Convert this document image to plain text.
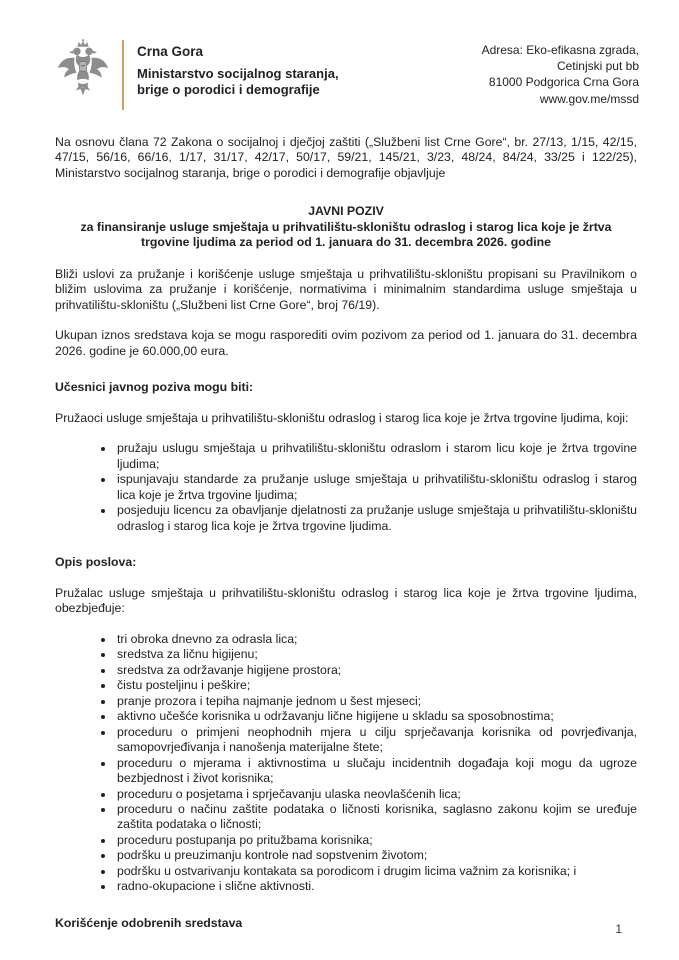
Crna Gora
Ministarstvo socijalnog staranja,
brige o porodici i demografije
Adresa: Eko-efikasna zgrada,
Cetinjski put bb
81000 Podgorica Crna Gora
www.gov.me/mssd

Na osnovu člana 72 Zakona o socijalnoj i dječjoj zaštiti („Službeni list Crne Gore“, br. 27/13, 1/15, 42/15, 47/15, 56/16, 66/16, 1/17, 31/17, 42/17, 50/17, 59/21, 145/21, 3/23, 48/24, 84/24, 33/25 i 122/25), Ministarstvo socijalnog staranja, brige o porodici i demografije objavljuje

JAVNI POZIV
za finansiranje usluge smještaja u prihvatilištu-skloništu odraslog i starog lica koje je žrtva trgovine ljudima za period od 1. januara do 31. decembra 2026. godine

Bliži uslovi za pružanje i korišćenje usluge smještaja u prihvatilištu-skloništu propisani su Pravilnikom o bližim uslovima za pružanje i korišćenje, normativima i minimalnim standardima usluge smještaja u prihvatilištu-skloništu („Službeni list Crne Gore“, broj 76/19).

Ukupan iznos sredstava koja se mogu rasporediti ovim pozivom za period od 1. januara do 31. decembra 2026. godine je 60.000,00 eura.

Učesnici javnog poziva mogu biti:

Pružaoci usluge smještaja u prihvatilištu-skloništu odraslog i starog lica koje je žrtva trgovine ljudima, koji:

• pružaju uslugu smještaja u prihvatilištu-skloništu odraslom i starom licu koje je žrtva trgovine ljudima;
• ispunjavaju standarde za pružanje usluge smještaja u prihvatilištu-skloništu odraslog i starog lica koje je žrtva trgovine ljudima;
• posjeduju licencu za obavljanje djelatnosti za pružanje usluge smještaja u prihvatilištu-skloništu odraslog i starog lica koje je žrtva trgovine ljudima.
Opis poslova:

Pružalac usluge smještaja u prihvatilištu-skloništu odraslog i starog lica koje je žrtva trgovine ljudima, obezbjeđuje:

• tri obroka dnevno za odrasla lica;
• sredstva za ličnu higijenu;
• sredstva za održavanje higijene prostora;
• čistu posteljinu i peškire;
• pranje prozora i tepiha najmanje jednom u šest mjeseci;
• aktivno učešće korisnika u održavanju lične higijene u skladu sa sposobnostima;
• proceduru o primjeni neophodnih mjera u cilju sprječavanja korisnika od povrjeđivanja, samopovrjeđivanja i nanošenja materijalne štete;
• proceduru o mjerama i aktivnostima u slučaju incidentnih događaja koji mogu da ugroze bezbjednost i život korisnika;
• proceduru o posjetama i sprječavanju ulaska neovlašćenih lica;
• proceduru o načinu zaštite podataka o ličnosti korisnika, saglasno zakonu kojim se uređuje zaštita podataka o ličnosti;
• proceduru postupanja po pritužbama korisnika;
• podršku u preuzimanju kontrole nad sopstvenim životom;
• podršku u ostvarivanju kontakata sa porodicom i drugim licima važnim za korisnika; i
• radno-okupacione i slične aktivnosti.
Korišćenje odobrenih sredstava	1
